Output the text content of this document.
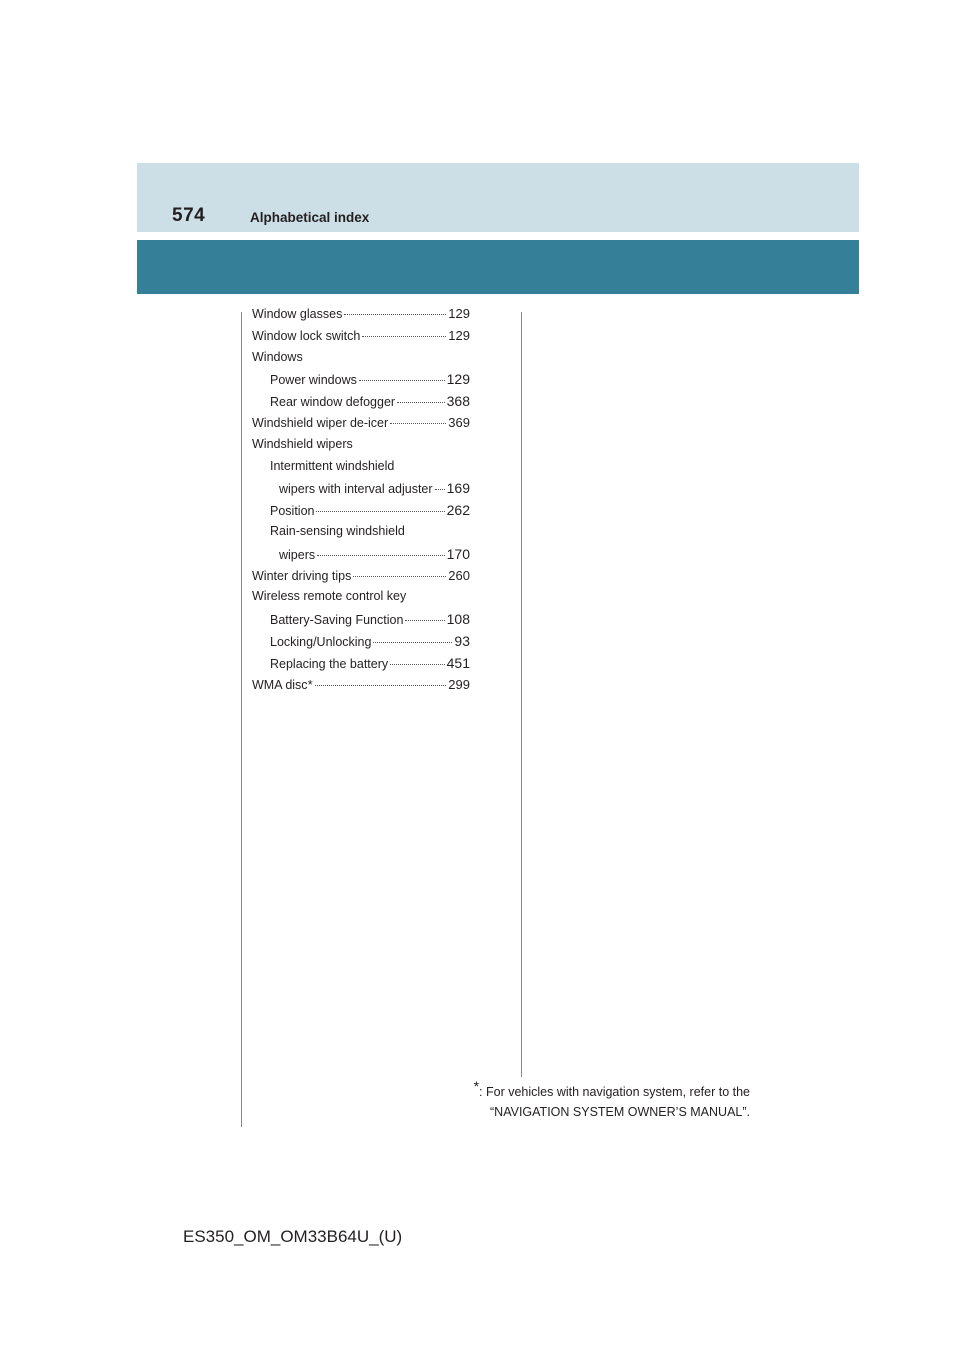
574	Alphabetical index
Window glasses	129
Window lock switch	129
Windows
Power windows	129
Rear window defogger	368
Windshield wiper de-icer	369
Windshield wipers
Intermittent windshield
wipers with interval adjuster 169
Position	262
Rain-sensing windshield
wipers	170
Winter driving tips	260
Wireless remote control key
Battery-Saving Function	108
Locking/Unlocking	93
Replacing the battery	451
WMA disc *	299
*: For vehicles with navigation system, refer to the
“NAVIGATION SYSTEM OWNER’S MANUAL”.
ES350_OM_OM33B64U_(U)
